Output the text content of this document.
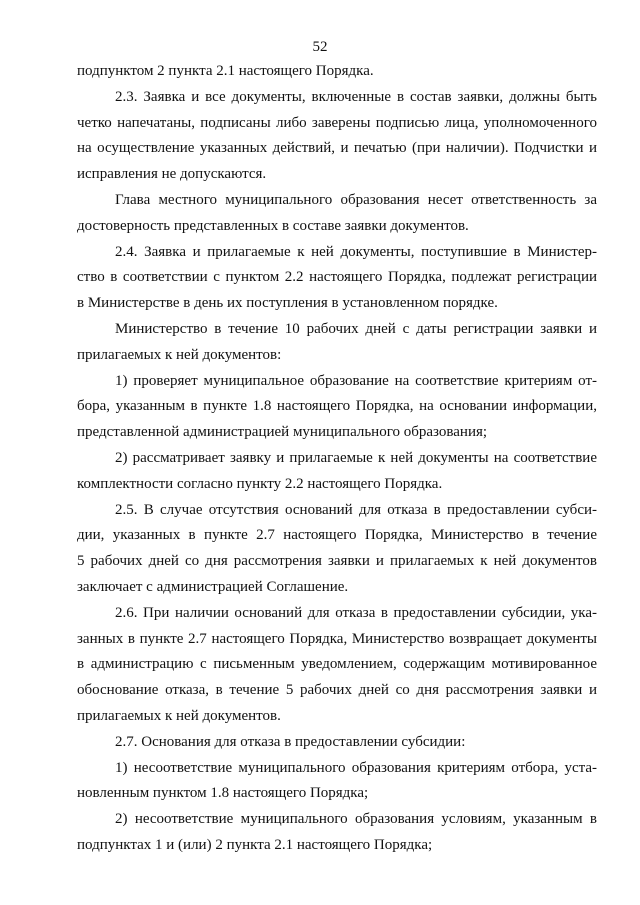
52
подпунктом 2 пункта 2.1 настоящего Порядка.
2.3. Заявка и все документы, включенные в состав заявки, должны быть
четко напечатаны, подписаны либо заверены подписью лица, уполномоченного
на осуществление указанных действий, и печатью (при наличии). Подчистки и
исправления не допускаются.
Глава местного муниципального образования несет ответственность за
достоверность представленных в составе заявки документов.
2.4. Заявка и прилагаемые к ней документы, поступившие в Министер-
ство в соответствии с пунктом 2.2 настоящего Порядка, подлежат регистрации
в Министерстве в день их поступления в установленном порядке.
Министерство в течение 10 рабочих дней с даты регистрации заявки и
прилагаемых к ней документов:
1) проверяет муниципальное образование на соответствие критериям от-
бора, указанным в пункте 1.8 настоящего Порядка, на основании информации,
представленной администрацией муниципального образования;
2) рассматривает заявку и прилагаемые к ней документы на соответствие
комплектности согласно пункту 2.2 настоящего Порядка.
2.5. В случае отсутствия оснований для отказа в предоставлении субси-
дии, указанных в пункте 2.7 настоящего Порядка, Министерство в течение
5 рабочих дней со дня рассмотрения заявки и прилагаемых к ней документов
заключает с администрацией Соглашение.
2.6. При наличии оснований для отказа в предоставлении субсидии, ука-
занных в пункте 2.7 настоящего Порядка, Министерство возвращает документы
в администрацию с письменным уведомлением, содержащим мотивированное
обоснование отказа, в течение 5 рабочих дней со дня рассмотрения заявки и
прилагаемых к ней документов.
2.7. Основания для отказа в предоставлении субсидии:
1) несоответствие муниципального образования критериям отбора, уста-
новленным пунктом 1.8 настоящего Порядка;
2) несоответствие муниципального образования условиям, указанным в
подпунктах 1 и (или) 2 пункта 2.1 настоящего Порядка;
